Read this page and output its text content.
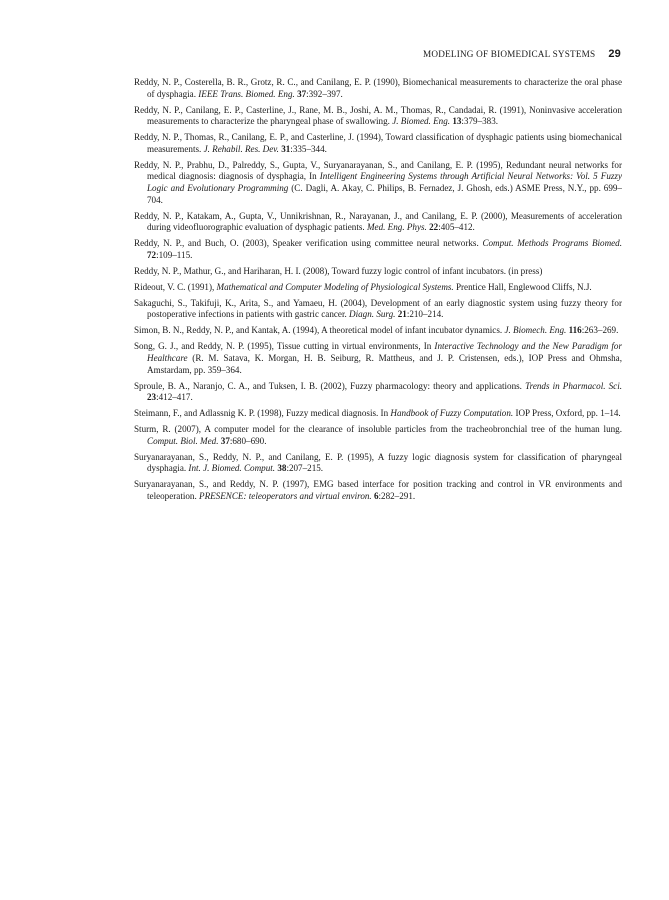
MODELING OF BIOMEDICAL SYSTEMS 29

Reddy, N. P., Costerella, B. R., Grotz, R. C., and Canilang, E. P. (1990), Biomechanical measurements to characterize the oral phase of dysphagia. IEEE Trans. Biomed. Eng. 37:392–397.

Reddy, N. P., Canilang, E. P., Casterline, J., Rane, M. B., Joshi, A. M., Thomas, R., Candadai, R. (1991), Noninvasive acceleration measurements to characterize the pharyngeal phase of swallowing. J. Biomed. Eng. 13:379–383.

Reddy, N. P., Thomas, R., Canilang, E. P., and Casterline, J. (1994), Toward classification of dysphagic patients using biomechanical measurements. J. Rehabil. Res. Dev. 31:335–344.

Reddy, N. P., Prabhu, D., Palreddy, S., Gupta, V., Suryanarayanan, S., and Canilang, E. P. (1995), Redundant neural networks for medical diagnosis: diagnosis of dysphagia, In Intelligent Engineering Systems through Artificial Neural Networks: Vol. 5 Fuzzy Logic and Evolutionary Programming (C. Dagli, A. Akay, C. Philips, B. Fernadez, J. Ghosh, eds.) ASME Press, N.Y., pp. 699–704.

Reddy, N. P., Katakam, A., Gupta, V., Unnikrishnan, R., Narayanan, J., and Canilang, E. P. (2000), Measurements of acceleration during videofluorographic evaluation of dysphagic patients. Med. Eng. Phys. 22:405–412.

Reddy, N. P., and Buch, O. (2003), Speaker verification using committee neural networks. Comput. Methods Programs Biomed. 72:109–115.

Reddy, N. P., Mathur, G., and Hariharan, H. I. (2008), Toward fuzzy logic control of infant incubators. (in press)

Rideout, V. C. (1991), Mathematical and Computer Modeling of Physiological Systems. Prentice Hall, Englewood Cliffs, N.J.

Sakaguchi, S., Takifuji, K., Arita, S., and Yamaeu, H. (2004), Development of an early diagnostic system using fuzzy theory for postoperative infections in patients with gastric cancer. Diagn. Surg. 21:210–214.

Simon, B. N., Reddy, N. P., and Kantak, A. (1994), A theoretical model of infant incubator dynamics. J. Biomech. Eng. 116:263–269.

Song, G. J., and Reddy, N. P. (1995), Tissue cutting in virtual environments, In Interactive Technology and the New Paradigm for Healthcare (R. M. Satava, K. Morgan, H. B. Seiburg, R. Mattheus, and J. P. Cristensen, eds.), IOP Press and Ohmsha, Amstardam, pp. 359–364.

Sproule, B. A., Naranjo, C. A., and Tuksen, I. B. (2002), Fuzzy pharmacology: theory and applications. Trends in Pharmacol. Sci. 23:412–417.

Steimann, F., and Adlassnig K. P. (1998), Fuzzy medical diagnosis. In Handbook of Fuzzy Computation. IOP Press, Oxford, pp. 1–14.

Sturm, R. (2007), A computer model for the clearance of insoluble particles from the tracheobronchial tree of the human lung. Comput. Biol. Med. 37:680–690.

Suryanarayanan, S., Reddy, N. P., and Canilang, E. P. (1995), A fuzzy logic diagnosis system for classification of pharyngeal dysphagia. Int. J. Biomed. Comput. 38:207–215.

Suryanarayanan, S., and Reddy, N. P. (1997), EMG based interface for position tracking and control in VR environments and teleoperation. PRESENCE: teleoperators and virtual environ. 6:282–291.
